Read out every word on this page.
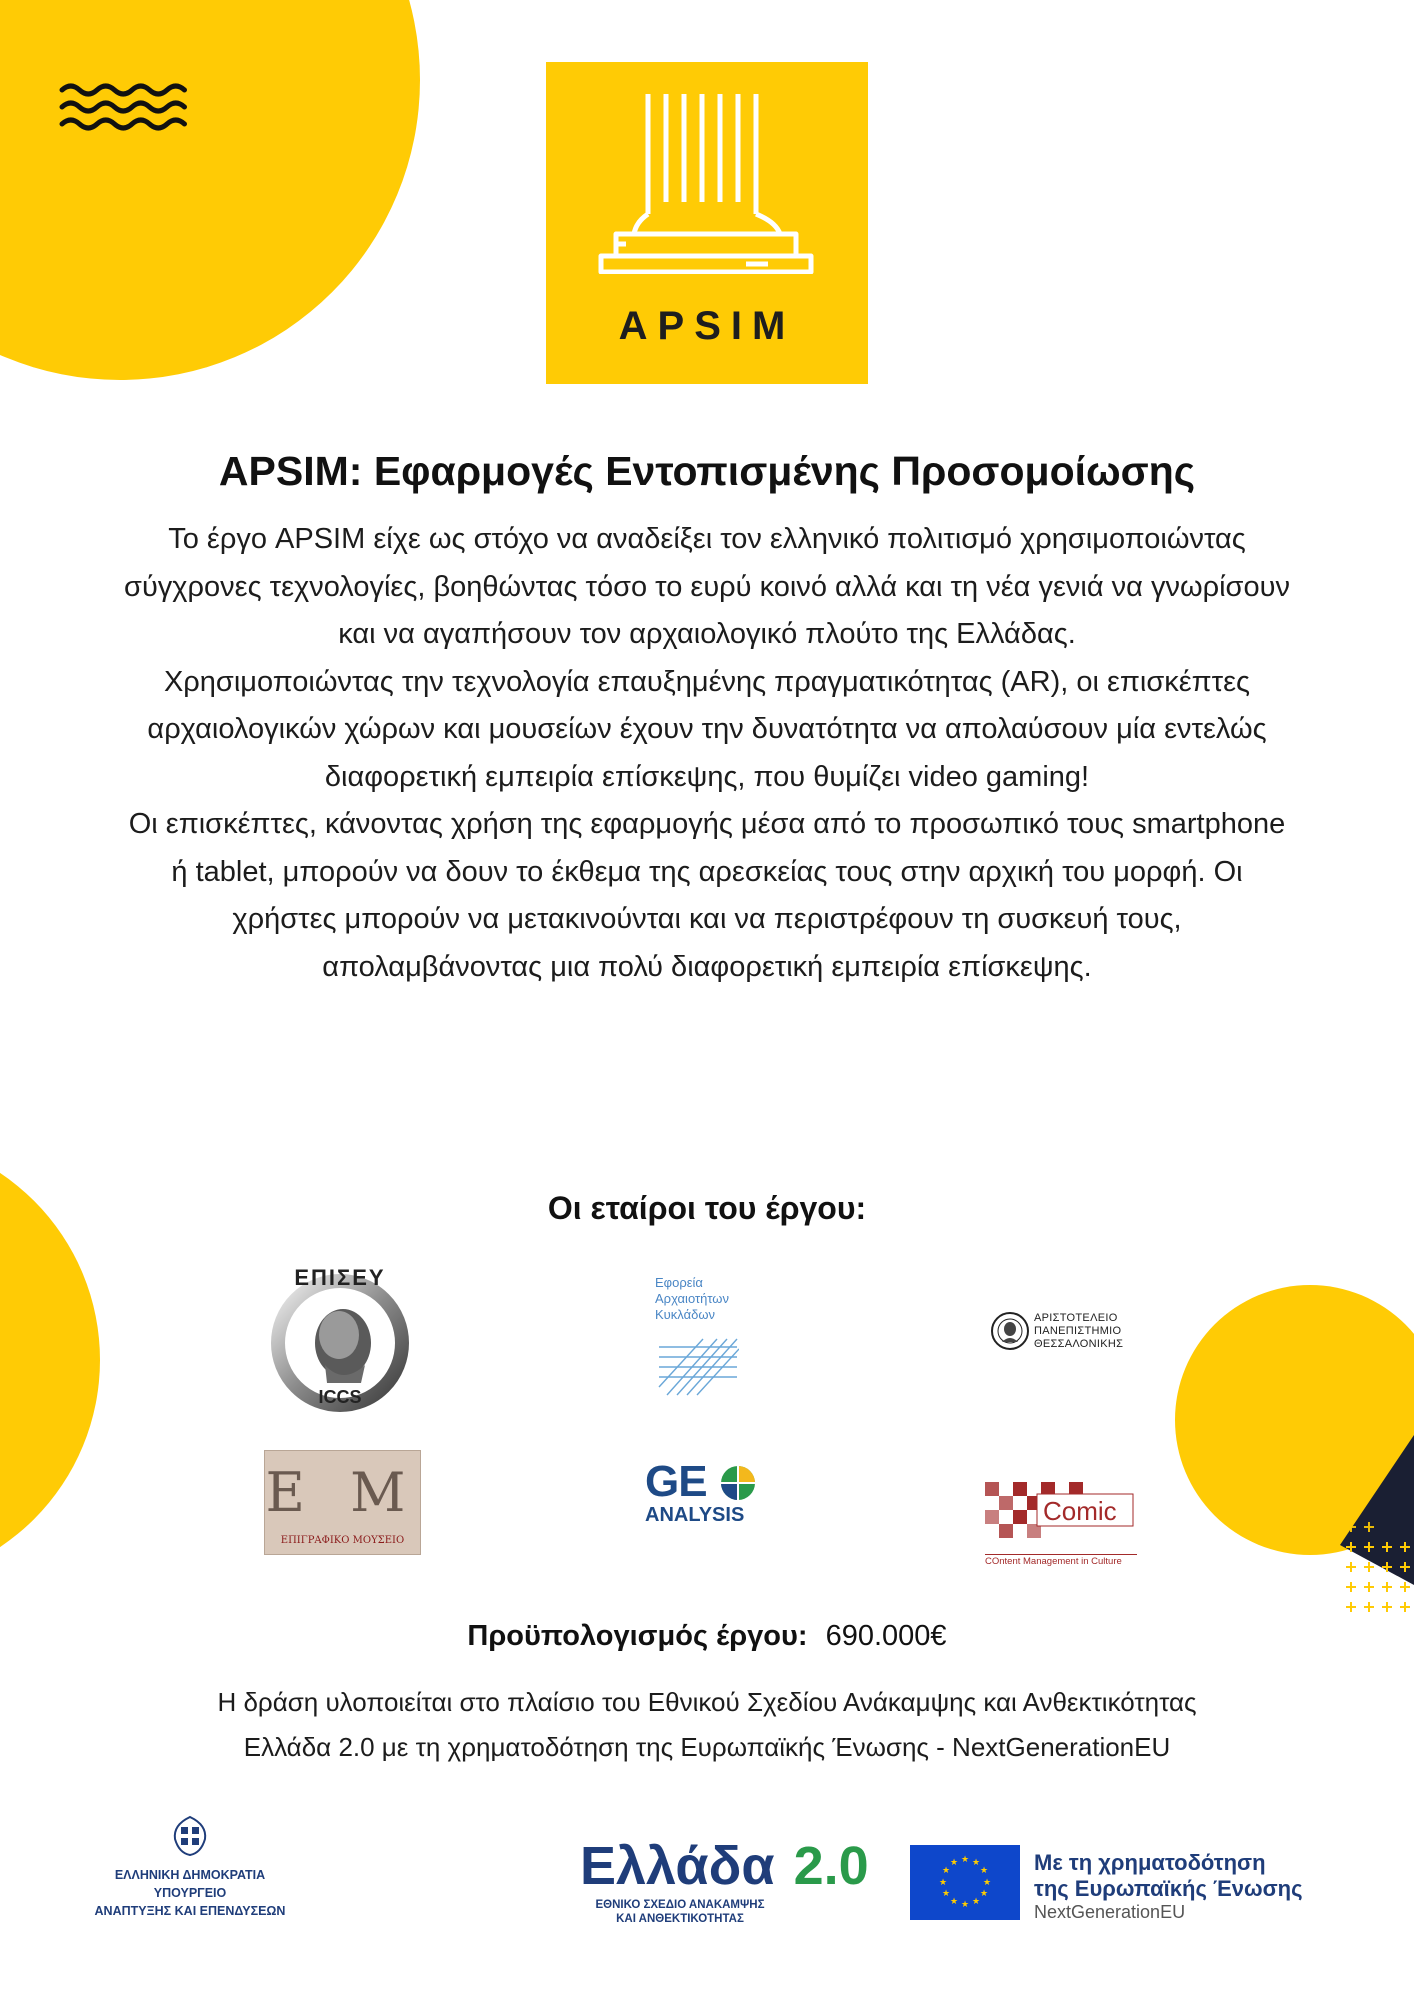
APSIM
APSIM: Εφαρμογές Εντοπισμένης Προσομοίωσης

Το έργο APSIM είχε ως στόχο να αναδείξει τον ελληνικό πολιτισμό χρησιμοποιώντας σύγχρονες τεχνολογίες, βοηθώντας τόσο το ευρύ κοινό αλλά και τη νέα γενιά να γνωρίσουν και να αγαπήσουν τον αρχαιολογικό πλούτο της Ελλάδας.

Χρησιμοποιώντας την τεχνολογία επαυξημένης πραγματικότητας (AR), οι επισκέπτες αρχαιολογικών χώρων και μουσείων έχουν την δυνατότητα να απολαύσουν μία εντελώς διαφορετική εμπειρία επίσκεψης, που θυμίζει video gaming!

Οι επισκέπτες, κάνοντας χρήση της εφαρμογής μέσα από το προσωπικό τους smartphone ή tablet, μπορούν να δουν το έκθεμα της αρεσκείας τους στην αρχική του μορφή. Οι χρήστες μπορούν να μετακινούνται και να περιστρέφουν τη συσκευή τους, απολαμβάνοντας μια πολύ διαφορετική εμπειρία επίσκεψης.

Οι εταίροι του έργου:
ΕΠΙΣΕΥ
ICCS
Εφορεία
Αρχαιοτήτων
Κυκλάδων	ΑΡΙΣΤΟΤΕΛΕΙΟ
ΠΑΝΕΠΙΣΤΗΜΙΟ
ΘΕΣΣΑΛΟΝΙΚΗΣ
E M
ΕΠΙΓΡΑΦΙΚΟ ΜΟΥΣΕΙΟ
GE
ANALYSIS	Comic
COntent Management in Culture
Προϋπολογισμός έργου: 690.000€
Η δράση υλοποιείται στο πλαίσιο του Εθνικού Σχεδίου Ανάκαμψης και Ανθεκτικότητας Ελλάδα 2.0 με τη χρηματοδότηση της Ευρωπαϊκής Ένωσης - NextGenerationEU
ΕΛΛΗΝΙΚΗ ΔΗΜΟΚΡΑΤΙΑ
ΥΠΟΥΡΓΕΙΟ
ΑΝΑΠΤΥΞΗΣ ΚΑΙ ΕΠΕΝΔΥΣΕΩΝ
Ελλάδα 2.0
ΕΘΝΙΚΟ ΣΧΕΔΙΟ ΑΝΑΚΑΜΨΗΣ
ΚΑΙ ΑΝΘΕΚΤΙΚΟΤΗΤΑΣ
★ ★
★
★
★
★
★
★
★
★
★
★	Με τη χρηματοδότηση
της Ευρωπαϊκής Ένωσης
NextGenerationEU
